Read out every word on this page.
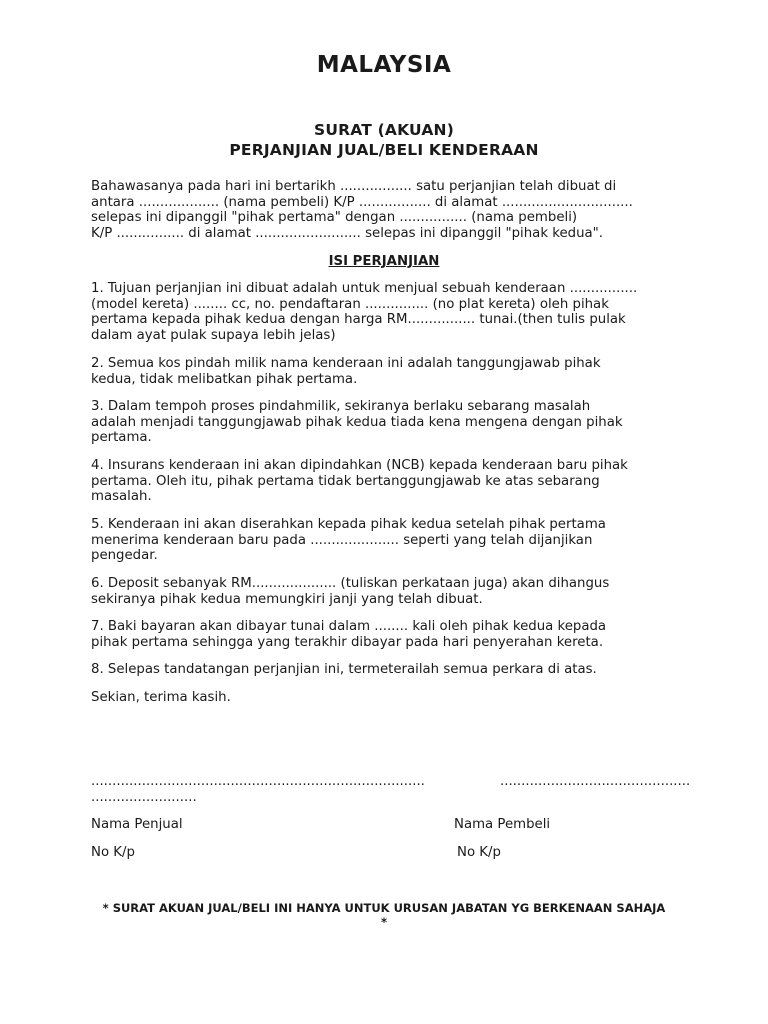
MALAYSIA
SURAT (AKUAN)
PERJANJIAN JUAL/BELI KENDERAAN
Bahawasanya pada hari ini bertarikh ................. satu perjanjian telah dibuat di
antara ................... (nama pembeli) K/P ................. di alamat ...............................
selepas ini dipanggil "pihak pertama" dengan ................ (nama pembeli)
K/P ................ di alamat ......................... selepas ini dipanggil "pihak kedua".
ISI PERJANJIAN
1. Tujuan perjanjian ini dibuat adalah untuk menjual sebuah kenderaan ................
(model kereta) ........ cc, no. pendaftaran ............... (no plat kereta) oleh pihak
pertama kepada pihak kedua dengan harga RM................ tunai.(then tulis pulak
dalam ayat pulak supaya lebih jelas)
2. Semua kos pindah milik nama kenderaan ini adalah tanggungjawab pihak
kedua, tidak melibatkan pihak pertama.
3. Dalam tempoh proses pindahmilik, sekiranya berlaku sebarang masalah
adalah menjadi tanggungjawab pihak kedua tiada kena mengena dengan pihak
pertama.
4. Insurans kenderaan ini akan dipindahkan (NCB) kepada kenderaan baru pihak
pertama. Oleh itu, pihak pertama tidak bertanggungjawab ke atas sebarang
masalah.
5. Kenderaan ini akan diserahkan kepada pihak kedua setelah pihak pertama
menerima kenderaan baru pada ..................... seperti yang telah dijanjikan
pengedar.
6. Deposit sebanyak RM.................... (tuliskan perkataan juga) akan dihangus
sekiranya pihak kedua memungkiri janji yang telah dibuat.
7. Baki bayaran akan dibayar tunai dalam ........ kali oleh pihak kedua kepada
pihak pertama sehingga yang terakhir dibayar pada hari penyerahan kereta.
8. Selepas tandatangan perjanjian ini, termeterailah semua perkara di atas.
Sekian, terima kasih.
...............................................................................
.........................
.............................................
Nama Penjual	Nama Pembeli
No K/p	No K/p
* SURAT AKUAN JUAL/BELI INI HANYA UNTUK URUSAN JABATAN YG BERKENAAN SAHAJA
*
